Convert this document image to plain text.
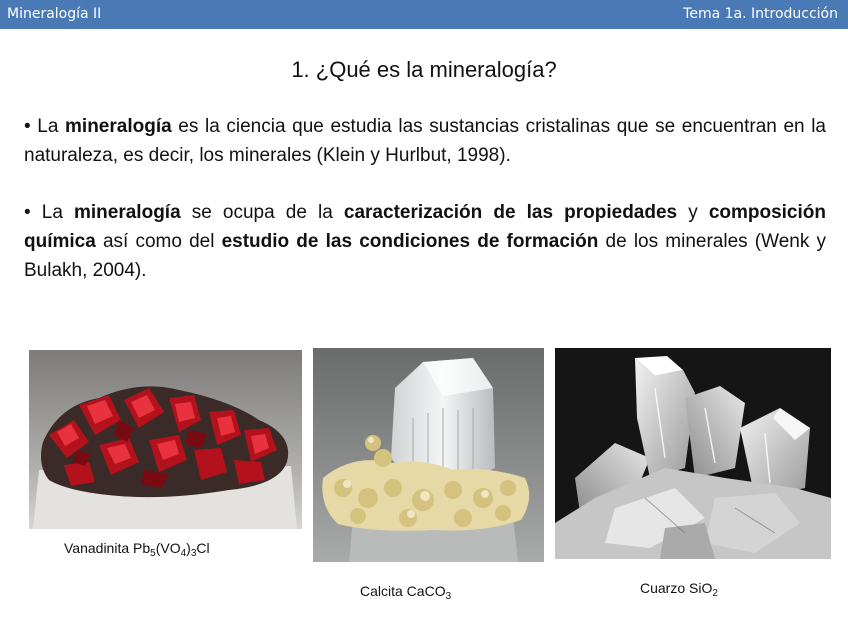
Mineralogía II	Tema 1a. Introducción
1. ¿Qué es la mineralogía?
• La mineralogía es la ciencia que estudia las sustancias cristalinas que se encuentran en la naturaleza, es decir, los minerales (Klein y Hurlbut, 1998).
• La mineralogía se ocupa de la caracterización de las propiedades y composición química así como del estudio de las condiciones de formación de los minerales (Wenk y Bulakh, 2004).
Vanadinita $Pb_5(VO_4)_3Cl$
Calcita CaCO$_3$
Cuarzo SiO$_2$
